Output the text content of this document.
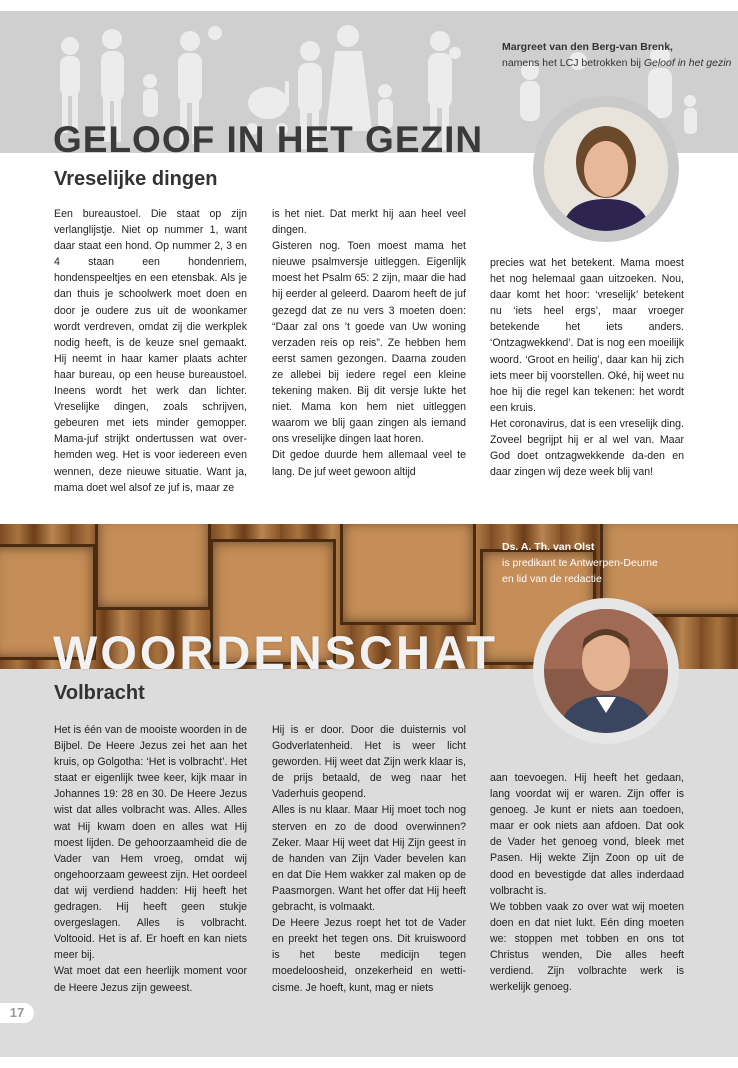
GELOOF IN HET GEZIN
Vreselijke dingen
Margreet van den Berg-van Brenk,
namens het LCJ betrokken bij Geloof in het gezin

Een bureaustoel. Die staat op zijn verlanglijstje. Niet op nummer 1, want daar staat een hond. Op nummer 2, 3 en 4 staan een hondenriem, hondenspeeltjes en een etensbak. Als je dan thuis je schoolwerk moet doen en door je oudere zus uit de woonkamer wordt verdreven, omdat zij die werkplek nodig heeft, is de keuze snel gemaakt. Hij neemt in haar kamer plaats achter haar bureau, op een heuse bureaustoel. Ineens wordt het werk dan lichter. Vreselijke dingen, zoals schrijven, gebeuren met iets minder gemopper. Mama-juf strijkt ondertussen wat over-hemden weg. Het is voor iedereen even wennen, deze nieuwe situatie. Want ja, mama doet wel alsof ze juf is, maar ze

is het niet. Dat merkt hij aan heel veel dingen.

Gisteren nog. Toen moest mama het nieuwe psalmversje uitleggen. Eigenlijk moest het Psalm 65: 2 zijn, maar die had hij eerder al geleerd. Daarom heeft de juf gezegd dat ze nu vers 3 moeten doen: “Daar zal ons ’t goede van Uw woning verzaden reis op reis”. Ze hebben hem eerst samen gezongen. Daarna zouden ze allebei bij iedere regel een kleine tekening maken. Bij dit versje lukte het niet. Mama kon hem niet uitleggen waarom we blij gaan zingen als iemand ons vreselijke dingen laat horen.

Dit gedoe duurde hem allemaal veel te lang. De juf weet gewoon altijd

precies wat het betekent. Mama moest het nog helemaal gaan uitzoeken. Nou, daar komt het hoor: ‘vreselijk’ betekent nu ‘iets heel ergs’, maar vroeger betekende het iets anders. ‘Ontzagwekkend’. Dat is nog een moeilijk woord. ‘Groot en heilig’, daar kan hij zich iets meer bij voorstellen. Oké, hij weet nu hoe hij die regel kan tekenen: het wordt een kruis.

Het coronavirus, dat is een vreselijk ding. Zoveel begrijpt hij er al wel van. Maar God doet ontzagwekkende da-den en daar zingen wij deze week blij van!

Ds. A. Th. van Olst
is predikant te Antwerpen-Deurne
en lid van de redactie
WOORDENSCHAT
Volbracht

Het is één van de mooiste woorden in de Bijbel. De Heere Jezus zei het aan het kruis, op Golgotha: ‘Het is volbracht’. Het staat er eigenlijk twee keer, kijk maar in Johannes 19: 28 en 30. De Heere Jezus wist dat alles volbracht was. Alles. Alles wat Hij kwam doen en alles wat Hij moest lijden. De gehoorzaamheid die de Vader van Hem vroeg, omdat wij ongehoorzaam geweest zijn. Het oordeel dat wij verdiend hadden: Hij heeft het gedragen. Hij heeft geen stukje overgeslagen. Alles is volbracht. Voltooid. Het is af. Er hoeft en kan niets meer bij.

Wat moet dat een heerlijk moment voor de Heere Jezus zijn geweest.

Hij is er door. Door die duisternis vol Godverlatenheid. Het is weer licht geworden. Hij weet dat Zijn werk klaar is, de prijs betaald, de weg naar het Vaderhuis geopend.

Alles is nu klaar. Maar Hij moet toch nog sterven en zo de dood overwinnen? Zeker. Maar Hij weet dat Hij Zijn geest in de handen van Zijn Vader bevelen kan en dat Die Hem wakker zal maken op de Paasmorgen. Want het offer dat Hij heeft gebracht, is volmaakt.

De Heere Jezus roept het tot de Vader en preekt het tegen ons. Dit kruiswoord is het beste medicijn tegen moedeloosheid, onzekerheid en wetti-cisme. Je hoeft, kunt, mag er niets

aan toevoegen. Hij heeft het gedaan, lang voordat wij er waren. Zijn offer is genoeg. Je kunt er niets aan toedoen, maar er ook niets aan afdoen. Dat ook de Vader het genoeg vond, bleek met Pasen. Hij wekte Zijn Zoon op uit de dood en bevestigde dat alles inderdaad volbracht is.

We tobben vaak zo over wat wij moeten doen en dat niet lukt. Eén ding moeten we: stoppen met tobben en ons tot Christus wenden, Die alles heeft verdiend. Zijn volbrachte werk is werkelijk genoeg.

17
